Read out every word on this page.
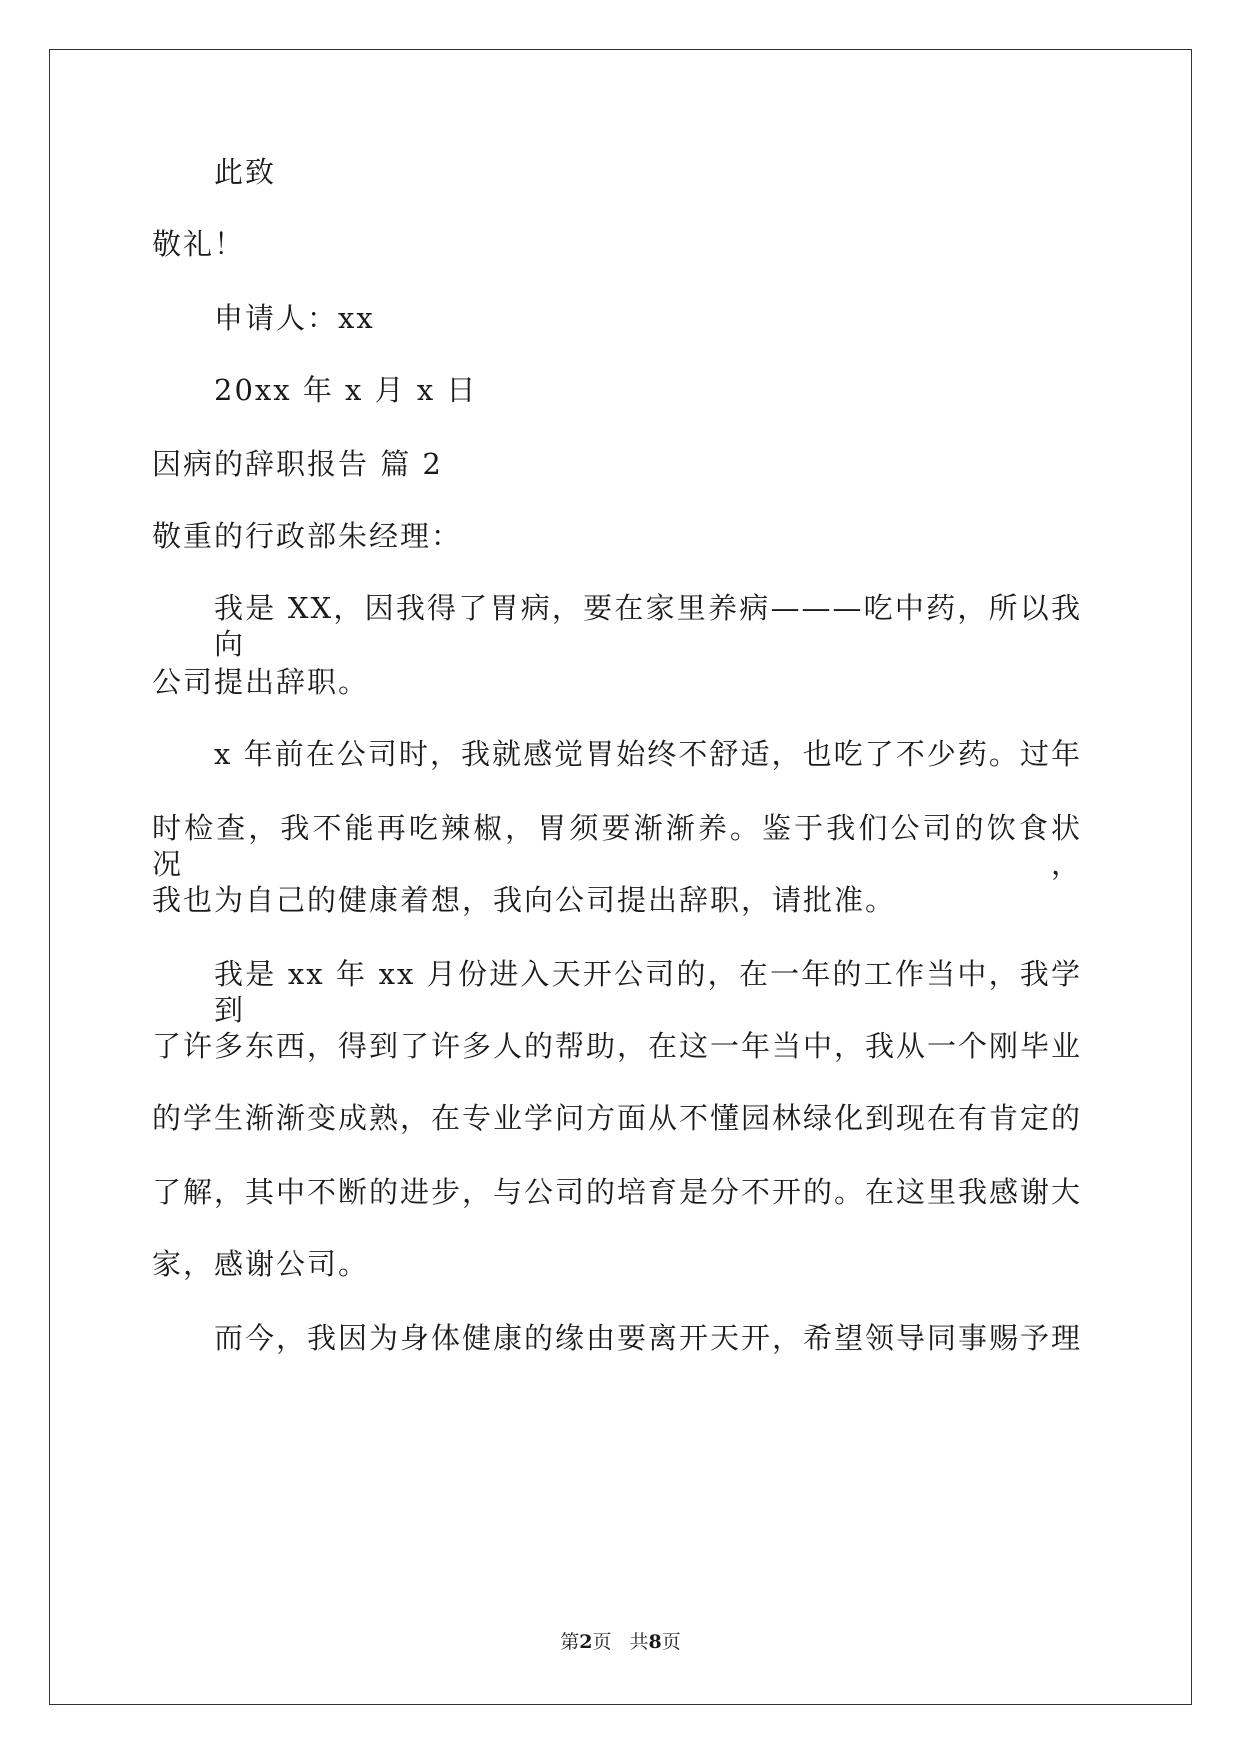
此致
敬礼！
申请人：xx
20xx 年 x 月 x 日
因病的辞职报告 篇 2
敬重的行政部朱经理：
我是 XX，因我得了胃病，要在家里养病———吃中药，所以我向
公司提出辞职。
x 年前在公司时，我就感觉胃始终不舒适，也吃了不少药。过年
时检查，我不能再吃辣椒，胃须要渐渐养。鉴于我们公司的饮食状况，
我也为自己的健康着想，我向公司提出辞职，请批准。
我是 xx 年 xx 月份进入天开公司的，在一年的工作当中，我学到
了许多东西，得到了许多人的帮助，在这一年当中，我从一个刚毕业
的学生渐渐变成熟，在专业学问方面从不懂园林绿化到现在有肯定的
了解，其中不断的进步，与公司的培育是分不开的。在这里我感谢大
家，感谢公司。
而今，我因为身体健康的缘由要离开天开，希望领导同事赐予理
第2页 共8页
